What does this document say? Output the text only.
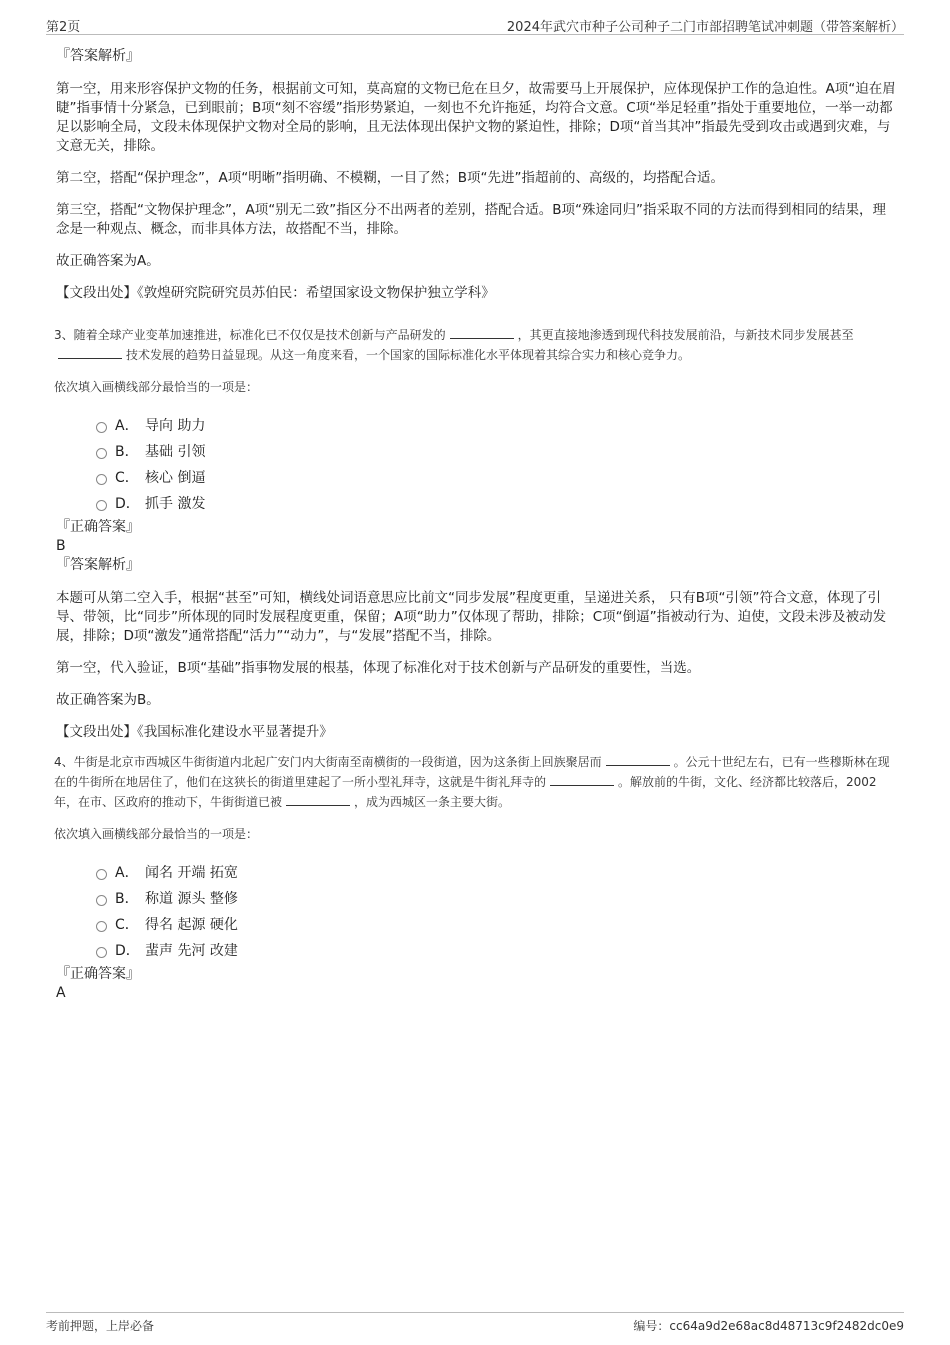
第2页	2024年武穴市种子公司种子二门市部招聘笔试冲刺题（带答案解析）
『答案解析』

第一空，用来形容保护文物的任务，根据前文可知，莫高窟的文物已危在旦夕，故需要马上开展保护，应体现保护工作的急迫性。A项“迫在眉睫”指事情十分紧急，已到眼前；B项“刻不容缓”指形势紧迫，一刻也不允许拖延，均符合文意。C项“举足轻重”指处于重要地位，一举一动都足以影响全局，文段未体现保护文物对全局的影响，且无法体现出保护文物的紧迫性，排除；D项“首当其冲”指最先受到攻击或遇到灾难，与文意无关，排除。

第二空，搭配“保护理念”，A项“明晰”指明确、不模糊，一目了然；B项“先进”指超前的、高级的，均搭配合适。

第三空，搭配“文物保护理念”，A项“别无二致”指区分不出两者的差别，搭配合适。B项“殊途同归”指采取不同的方法而得到相同的结果，理念是一种观点、概念，而非具体方法，故搭配不当，排除。

故正确答案为A。

【文段出处】《敦煌研究院研究员苏伯民：希望国家设文物保护独立学科》

3、随着全球产业变革加速推进，标准化已不仅仅是技术创新与产品研发的	，其更直接地渗透到现代科技发展前沿，与新技术同步发展甚至技术发展的趋势日益显现。从这一角度来看，一个国家的国际标准化水平体现着其综合实力和核心竞争力。

依次填入画横线部分最恰当的一项是：

A． 导向 助力
B． 基础 引领
C． 核心 倒逼
D． 抓手 激发
『正确答案』
B
『答案解析』

本题可从第二空入手，根据“甚至”可知，横线处词语意思应比前文“同步发展”程度更重，呈递进关系， 只有B项“引领”符合文意，体现了引导、带领，比“同步”所体现的同时发展程度更重，保留；A项“助力”仅体现了帮助，排除；C项“倒逼”指被动行为、迫使，文段未涉及被动发展，排除；D项“激发”通常搭配“活力”“动力”，与“发展”搭配不当，排除。

第一空，代入验证，B项“基础”指事物发展的根基，体现了标准化对于技术创新与产品研发的重要性，当选。

故正确答案为B。

【文段出处】《我国标准化建设水平显著提升》

4、牛街是北京市西城区牛街街道内北起广安门内大街南至南横街的一段街道，因为这条街上回族聚居而	。公元十世纪左右，已有一些穆斯林在现在的牛街所在地居住了，他们在这狭长的街道里建起了一所小型礼拜寺，这就是牛街礼拜寺的	。解放前的牛街，文化、经济都比较落后，2002年，在市、区政府的推动下，牛街街道已被	，成为西城区一条主要大街。

依次填入画横线部分最恰当的一项是：

A． 闻名 开端 拓宽
B． 称道 源头 整修
C． 得名 起源 硬化
D． 蜚声 先河 改建
『正确答案』
A
考前押题，上岸必备	编号：cc64a9d2e68ac8d48713c9f2482dc0e9
